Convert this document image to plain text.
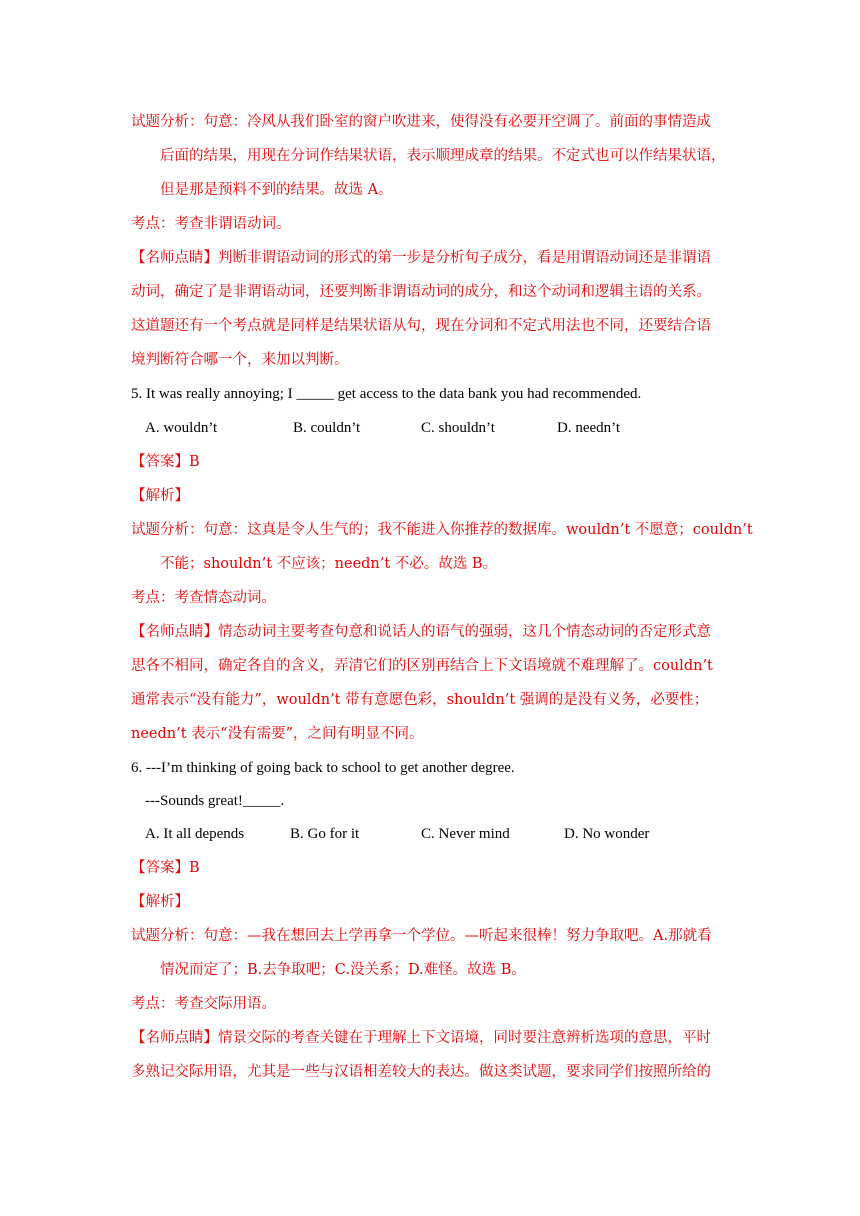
试题分析：句意：冷风从我们卧室的窗户吹进来，使得没有必要开空调了。前面的事情造成
后面的结果，用现在分词作结果状语，表示顺理成章的结果。不定式也可以作结果状语，
但是那是预料不到的结果。故选 A。
考点：考查非谓语动词。
【名师点睛】判断非谓语动词的形式的第一步是分析句子成分，看是用谓语动词还是非谓语
动词，确定了是非谓语动词，还要判断非谓语动词的成分，和这个动词和逻辑主语的关系。
这道题还有一个考点就是同样是结果状语从句，现在分词和不定式用法也不同，还要结合语
境判断符合哪一个，来加以判断。
5. It was really annoying; I _____ get access to the data bank you had recommended.
A. wouldn’t	B. couldn’t	C. shouldn’t	D. needn’t
【答案】B
【解析】
试题分析：句意：这真是令人生气的；我不能进入你推荐的数据库。wouldn’t 不愿意；couldn’t
不能；shouldn’t 不应该；needn’t 不必。故选 B。
考点：考查情态动词。
【名师点睛】情态动词主要考查句意和说话人的语气的强弱，这几个情态动词的否定形式意
思各不相同，确定各自的含义，弄清它们的区别再结合上下文语境就不难理解了。couldn’t
通常表示“没有能力”，wouldn’t 带有意愿色彩，shouldn’t 强调的是没有义务，必要性；
needn’t 表示“没有需要”，之间有明显不同。
6. ---I’m thinking of going back to school to get another degree.
---Sounds great!_____.
A. It all depends	B. Go for it	C. Never mind	D. No wonder
【答案】B
【解析】
试题分析：句意：—我在想回去上学再拿一个学位。—听起来很棒！努力争取吧。A.那就看
情况而定了；B.去争取吧；C.没关系；D.难怪。故选 B。
考点：考查交际用语。
【名师点睛】情景交际的考查关键在于理解上下文语境，同时要注意辨析选项的意思，平时
多熟记交际用语，尤其是一些与汉语相差较大的表达。做这类试题，要求同学们按照所给的
